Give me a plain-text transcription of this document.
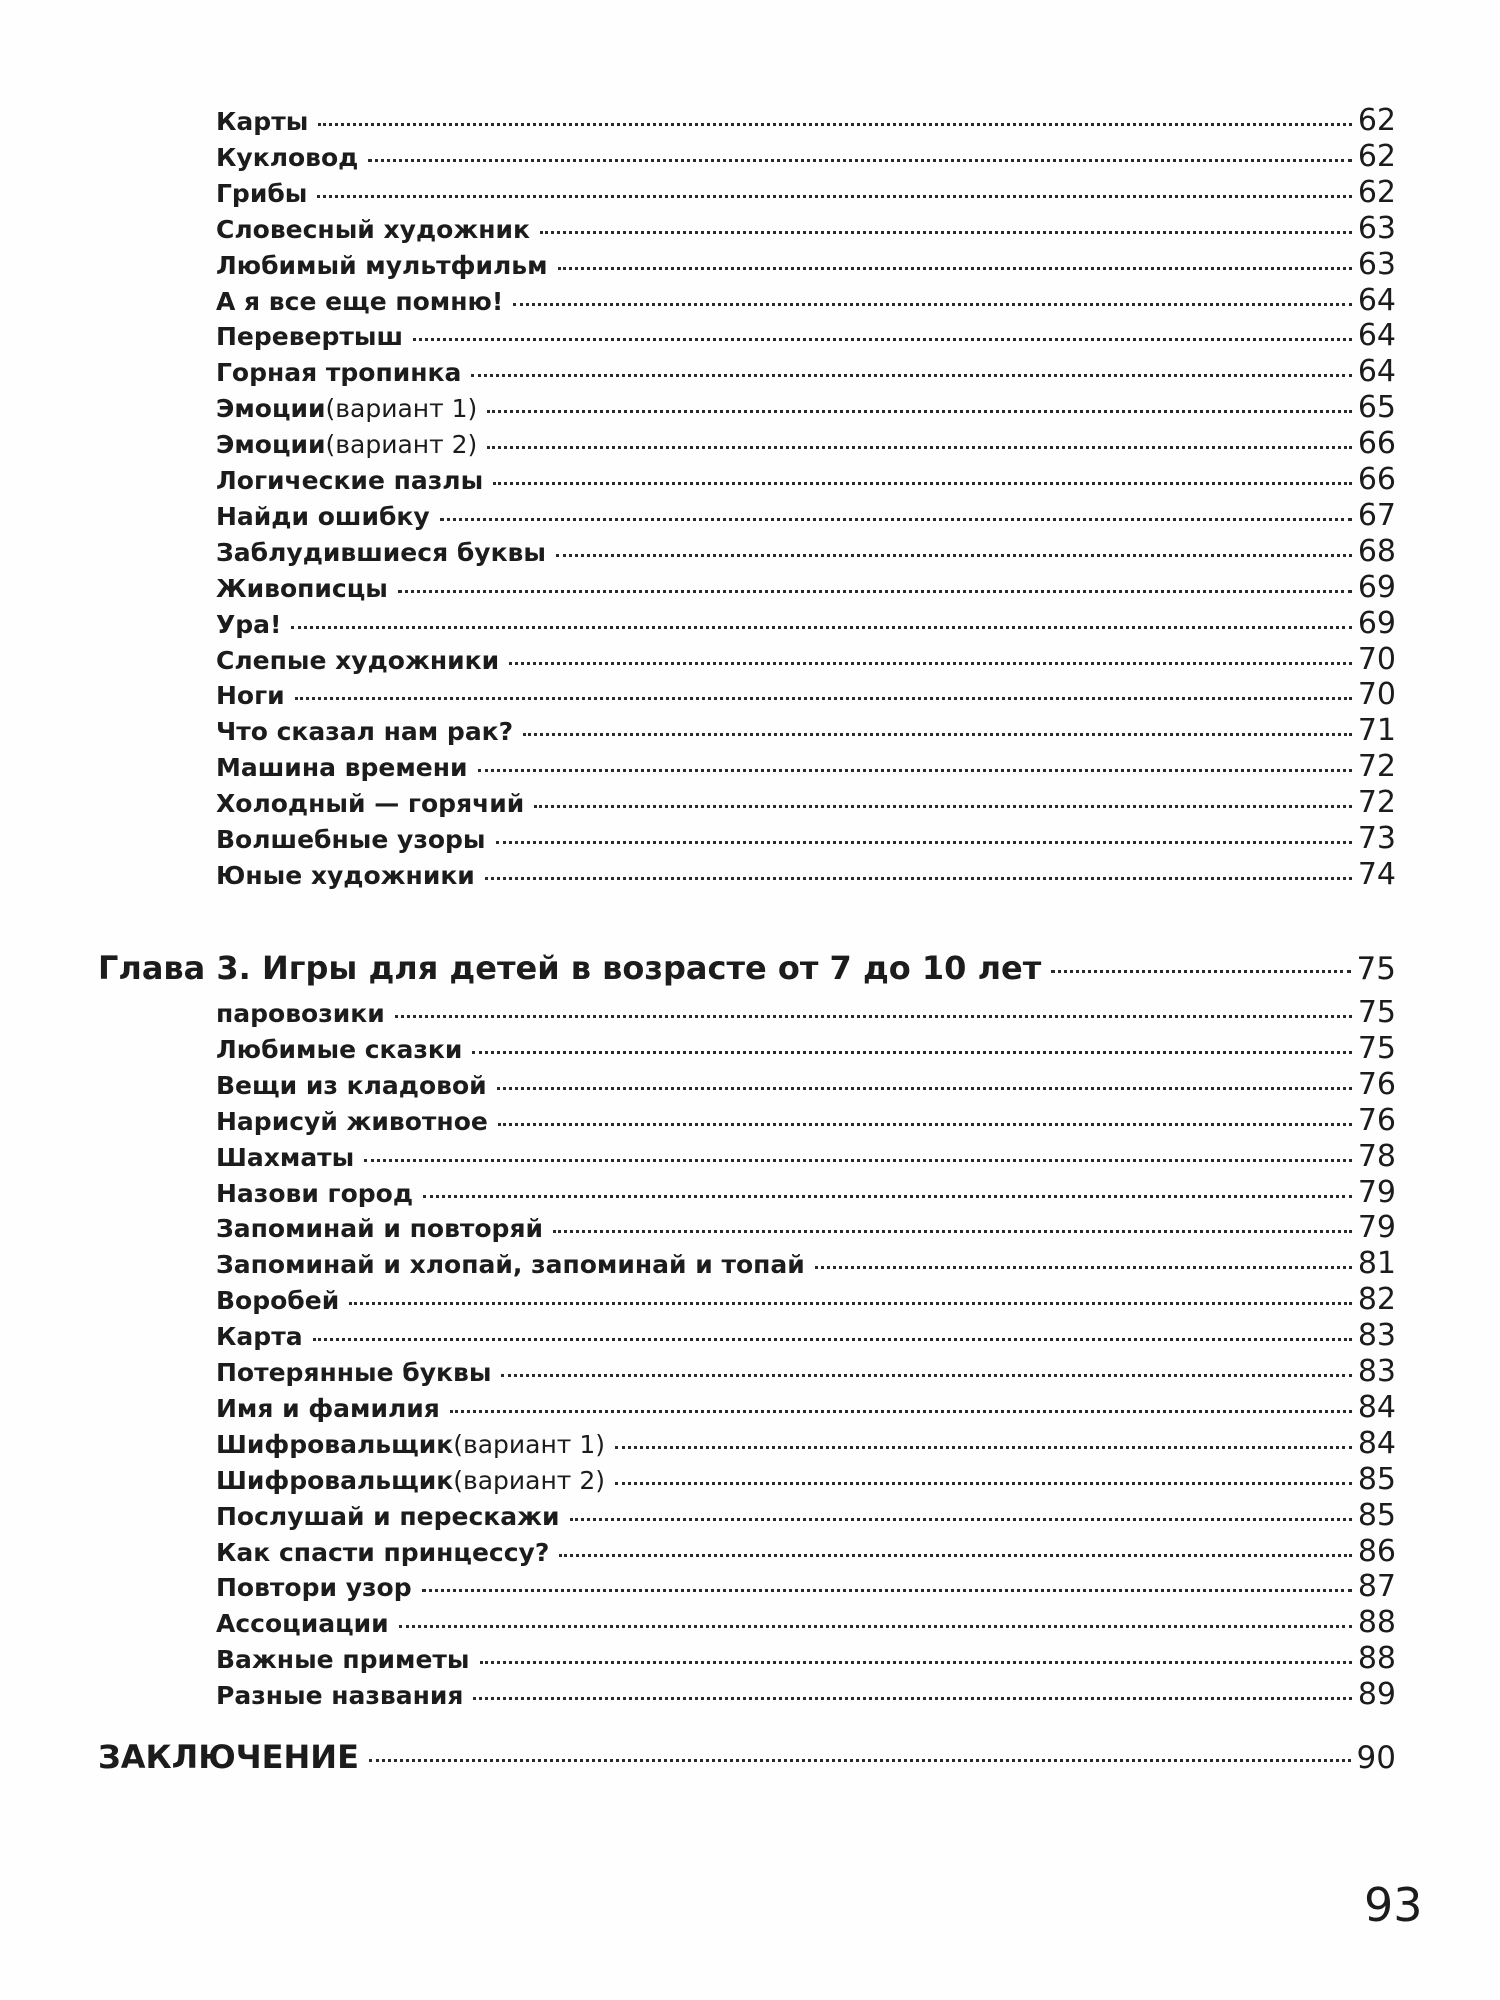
Глава 3. Игры для детей в возрасте от 7 до 10 лет	75
ЗАКЛЮЧЕНИЕ	90
Карты	62
Кукловод	62
Грибы	62
Словесный художник	63
Любимый мультфильм	63
А я все еще помню!	64
Перевертыш	64
Горная тропинка	64
Эмоции (вариант 1)	65
Эмоции (вариант 2)	66
Логические пазлы	66
Найди ошибку	67
Заблудившиеся буквы	68
Живописцы	69
Ура!	69
Слепые художники	70
Ноги	70
Что сказал нам рак?	71
Машина времени	72
Холодный — горячий	72
Волшебные узоры	73
Юные художники	74
паровозики	75
Любимые сказки	75
Вещи из кладовой	76
Нарисуй животное	76
Шахматы	78
Назови город	79
Запоминай и повторяй	79
Запоминай и хлопай, запоминай и топай	81
Воробей	82
Карта	83
Потерянные буквы	83
Имя и фамилия	84
Шифровальщик (вариант 1)	84
Шифровальщик (вариант 2)	85
Послушай и перескажи	85
Как спасти принцессу?	86
Повтори узор	87
Ассоциации	88
Важные приметы	88
Разные названия	89
93
